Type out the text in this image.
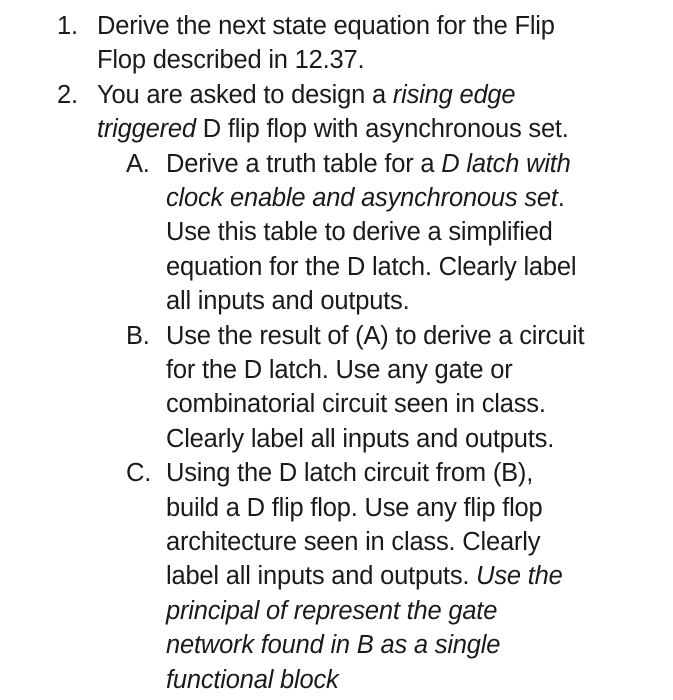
1. Derive the next state equation for the Flip
Flop described in 12.37.
2. You are asked to design a rising edge
triggered D flip flop with asynchronous set.
A. Derive a truth table for a D latch with
clock enable and asynchronous set.
Use this table to derive a simplified
equation for the D latch. Clearly label
all inputs and outputs.
B. Use the result of (A) to derive a circuit
for the D latch. Use any gate or
combinatorial circuit seen in class.
Clearly label all inputs and outputs.
C. Using the D latch circuit from (B),
build a D flip flop. Use any flip flop
architecture seen in class. Clearly
label all inputs and outputs. Use the
principal of represent the gate
network found in B as a single
functional block
